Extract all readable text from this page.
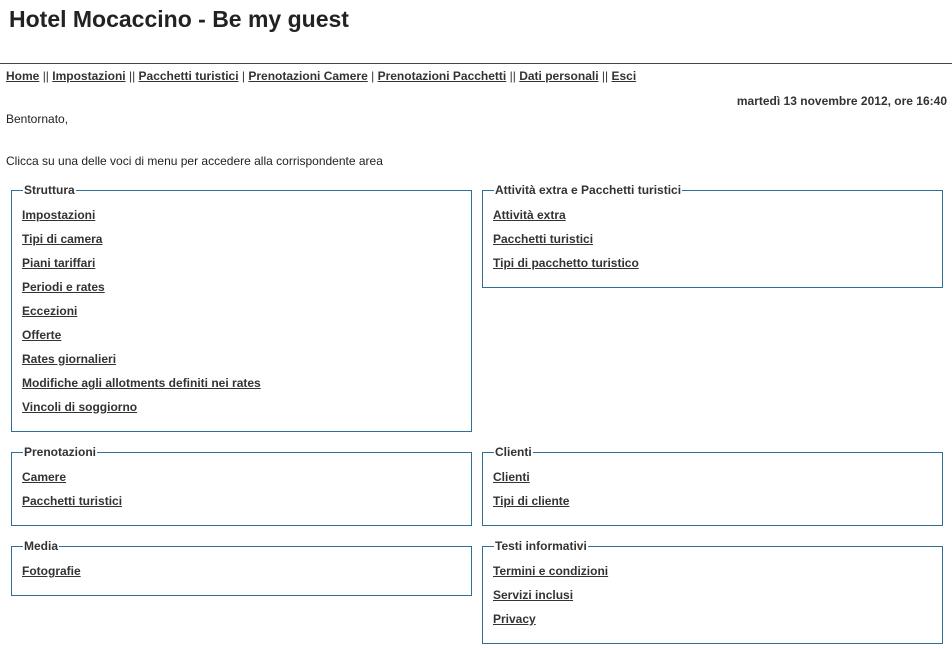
Hotel Mocaccino - Be my guest
Home || Impostazioni || Pacchetti turistici | Prenotazioni Camere | Prenotazioni Pacchetti || Dati personali || Esci
martedì 13 novembre 2012, ore 16:40
Bentornato,
Clicca su una delle voci di menu per accedere alla corrispondente area
Struttura
Impostazioni
Tipi di camera
Piani tariffari
Periodi e rates
Eccezioni
Offerte
Rates giornalieri
Modifiche agli allotments definiti nei rates
Vincoli di soggiorno
Attività extra e Pacchetti turistici
Attività extra
Pacchetti turistici
Tipi di pacchetto turistico
Prenotazioni
Camere
Pacchetti turistici
Clienti
Clienti
Tipi di cliente
Media
Fotografie
Testi informativi
Termini e condizioni
Servizi inclusi
Privacy
